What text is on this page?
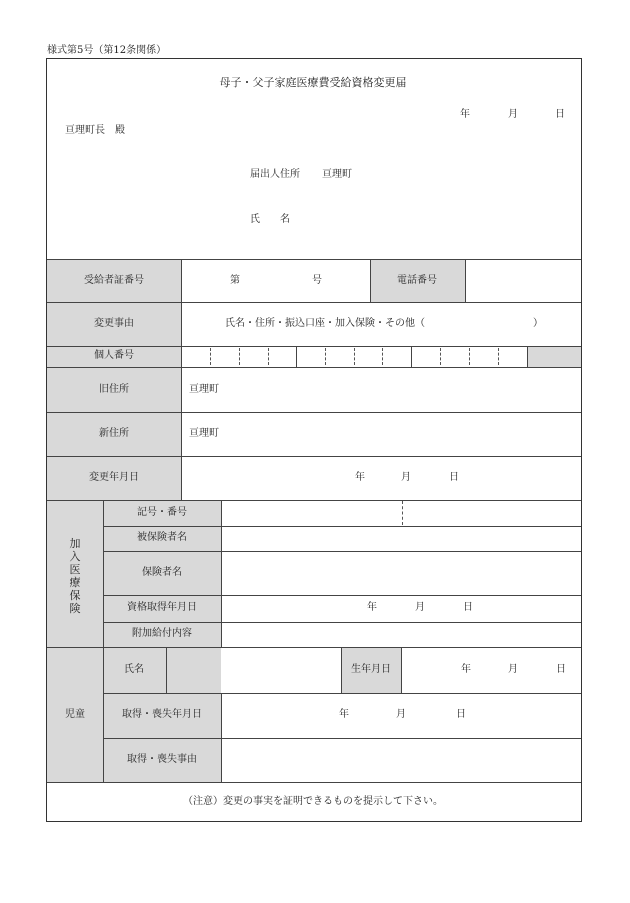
様式第5号（第12条関係）
母子・父子家庭医療費受給資格変更届
年	月	日
亘理町長　殿
届出人住所 亘理町
氏　　名
受給者証番号	第	号	電話番号
変更事由	氏名・住所・振込口座・加入保険・その他（	）
個人番号
旧住所	亘理町
新住所	亘理町
変更年月日	年	月	日
加入医療保険
記号・番号
被保険者名
保険者名
資格取得年月日	年	月	日
附加給付内容
児童
氏名	生年月日	年	月	日
取得・喪失年月日	年	月	日
取得・喪失事由
（注意）変更の事実を証明できるものを提示して下さい。
